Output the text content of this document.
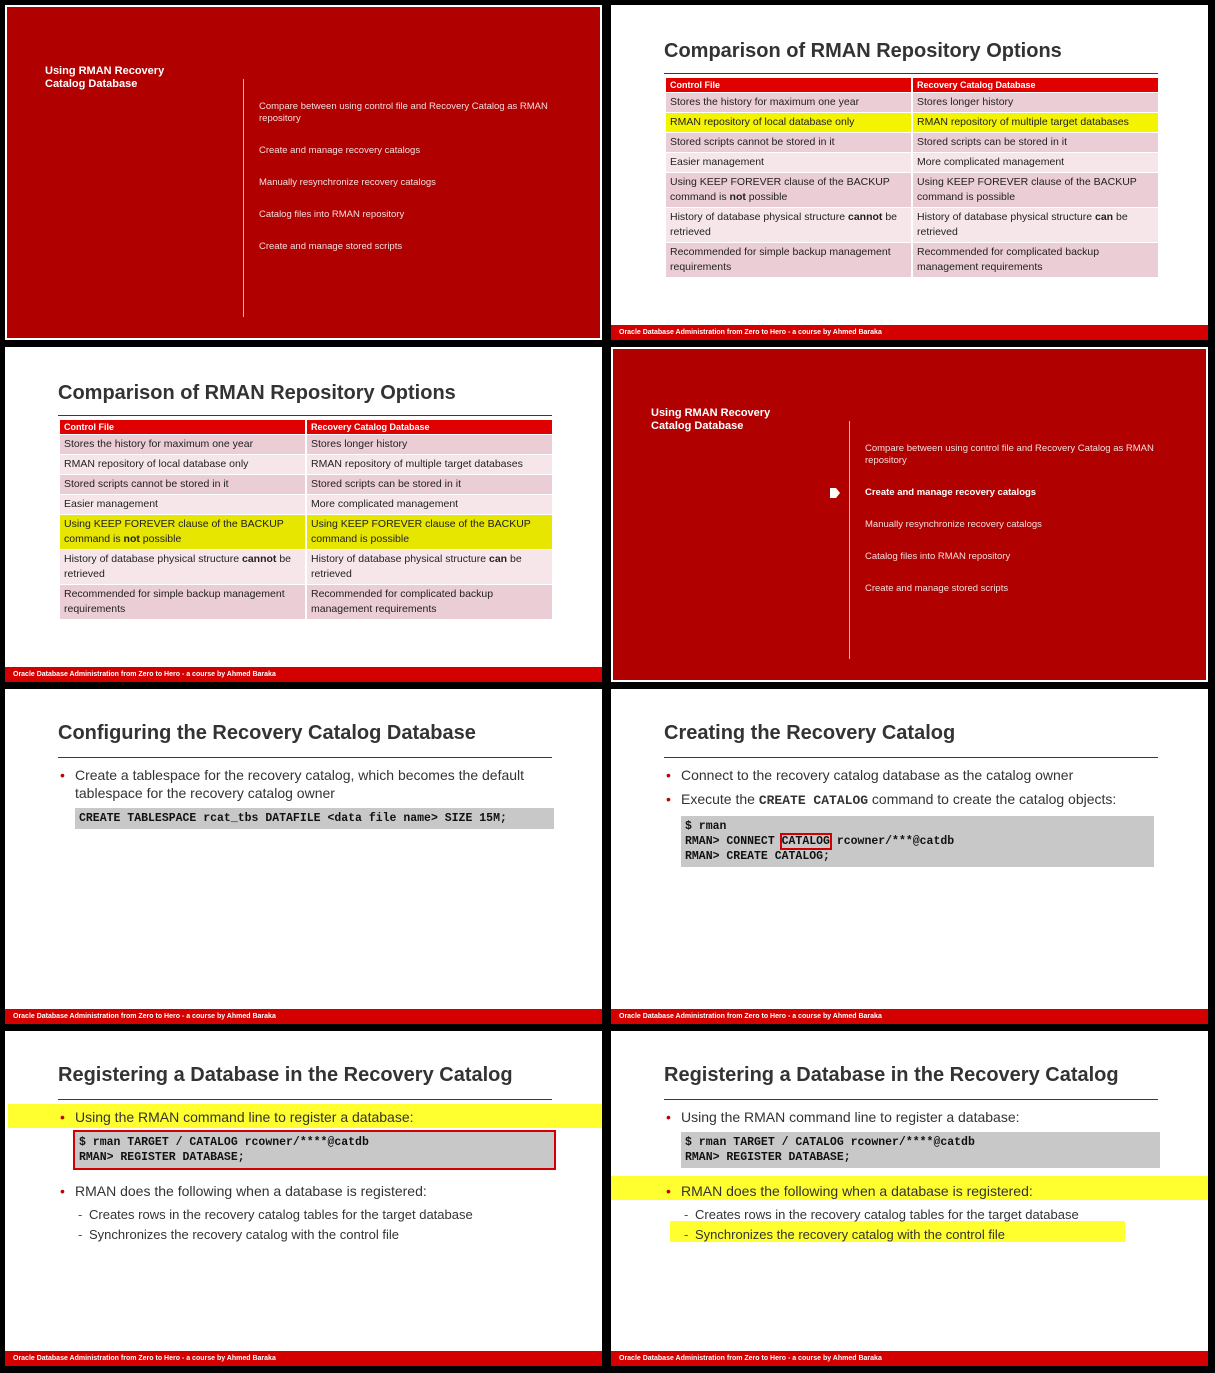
Using RMAN Recovery
Catalog Database
Compare between using control file and Recovery Catalog as RMAN repository
Create and manage recovery catalogs
Manually resynchronize recovery catalogs
Catalog files into RMAN repository
Create and manage stored scripts
Comparison of RMAN Repository Options
Control File	Recovery Catalog Database
Stores the history for maximum one year	Stores longer history
RMAN repository of local database only	RMAN repository of multiple target databases
Stored scripts cannot be stored in it	Stored scripts can be stored in it
Easier management	More complicated management
Using KEEP FOREVER clause of the BACKUP command is not possible	Using KEEP FOREVER clause of the BACKUP command is possible
History of database physical structure cannot be retrieved	History of database physical structure can be retrieved
Recommended for simple backup management requirements	Recommended for complicated backup management requirements
Oracle Database Administration from Zero to Hero - a course by Ahmed Baraka
Comparison of RMAN Repository Options
Control File	Recovery Catalog Database
Stores the history for maximum one year	Stores longer history
RMAN repository of local database only	RMAN repository of multiple target databases
Stored scripts cannot be stored in it	Stored scripts can be stored in it
Easier management	More complicated management
Using KEEP FOREVER clause of the BACKUP command is not possible	Using KEEP FOREVER clause of the BACKUP command is possible
History of database physical structure cannot be retrieved	History of database physical structure can be retrieved
Recommended for simple backup management requirements	Recommended for complicated backup management requirements
Oracle Database Administration from Zero to Hero - a course by Ahmed Baraka
Using RMAN Recovery
Catalog Database
Compare between using control file and Recovery Catalog as RMAN repository
Create and manage recovery catalogs
Manually resynchronize recovery catalogs
Catalog files into RMAN repository
Create and manage stored scripts
Configuring the Recovery Catalog Database
• Create a tablespace for the recovery catalog, which becomes the default tablespace for the recovery catalog owner
CREATE TABLESPACE rcat_tbs DATAFILE <data file name> SIZE 15M;
Oracle Database Administration from Zero to Hero - a course by Ahmed Baraka
Creating the Recovery Catalog
• Connect to the recovery catalog database as the catalog owner
• Execute the CREATE CATALOG command to create the catalog objects:
$ rman
RMAN> CONNECT CATALOG rcowner/***@catdb
RMAN> CREATE CATALOG;
Oracle Database Administration from Zero to Hero - a course by Ahmed Baraka
Registering a Database in the Recovery Catalog
• Using the RMAN command line to register a database:
$ rman TARGET / CATALOG rcowner/****@catdb
RMAN> REGISTER DATABASE;
• RMAN does the following when a database is registered:
- Creates rows in the recovery catalog tables for the target database
- Synchronizes the recovery catalog with the control file
Oracle Database Administration from Zero to Hero - a course by Ahmed Baraka
Registering a Database in the Recovery Catalog
• Using the RMAN command line to register a database:
$ rman TARGET / CATALOG rcowner/****@catdb
RMAN> REGISTER DATABASE;
• RMAN does the following when a database is registered:
- Creates rows in the recovery catalog tables for the target database
- Synchronizes the recovery catalog with the control file
Oracle Database Administration from Zero to Hero - a course by Ahmed Baraka
